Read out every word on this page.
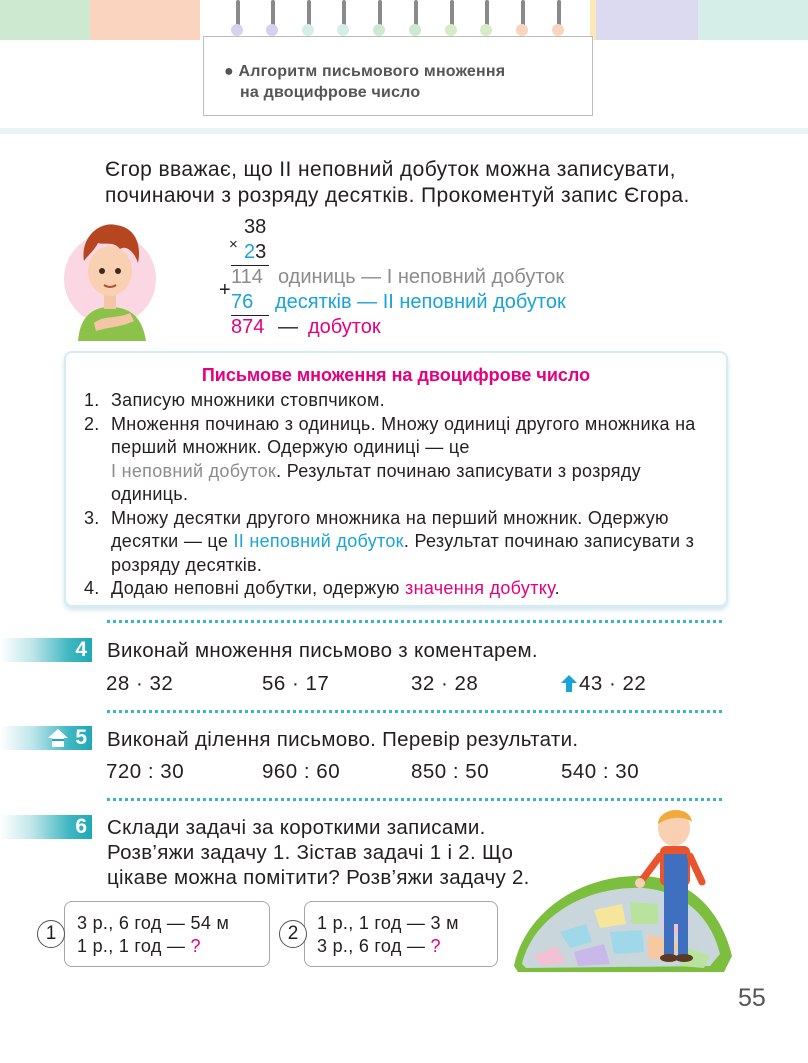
● Алгоритм письмового множення
на двоцифрове число
Єгор вважає, що ІІ неповний добуток можна записувати, починаючи з розряду десятків. Прокоментуй запис Єгора.
×
38
23
+
114 одиниць — І неповний добуток
76 десятків — ІІ неповний добуток
874 — добуток
Письмове множення на двоцифрове число
1. Записую множники стовпчиком.
2. Множення починаю з одиниць. Множу одиниці другого множника на перший множник. Одержую одиниці — це
І неповний добуток. Результат починаю записувати з розряду одиниць.
3. Множу десятки другого множника на перший множник. Одержую десятки — це ІІ неповний добуток. Результат починаю записувати з розряду десятків.
4. Додаю неповні добутки, одержую значення добутку.
4 Виконай множення письмово з коментарем.
28 · 32	56 · 17	32 · 28	43 · 22
5 Виконай ділення письмово. Перевір результати.
720 : 30	960 : 60	850 : 50	540 : 30
6 Склади задачі за короткими записами.
Розв’яжи задачу 1. Зістав задачі 1 і 2. Що
цікаве можна помітити? Розв’яжи задачу 2.
3 р., 6 год — 54 м
1 р., 1 год — ?
1	1 р., 1 год — 3 м
3 р., 6 год — ?
2
55
